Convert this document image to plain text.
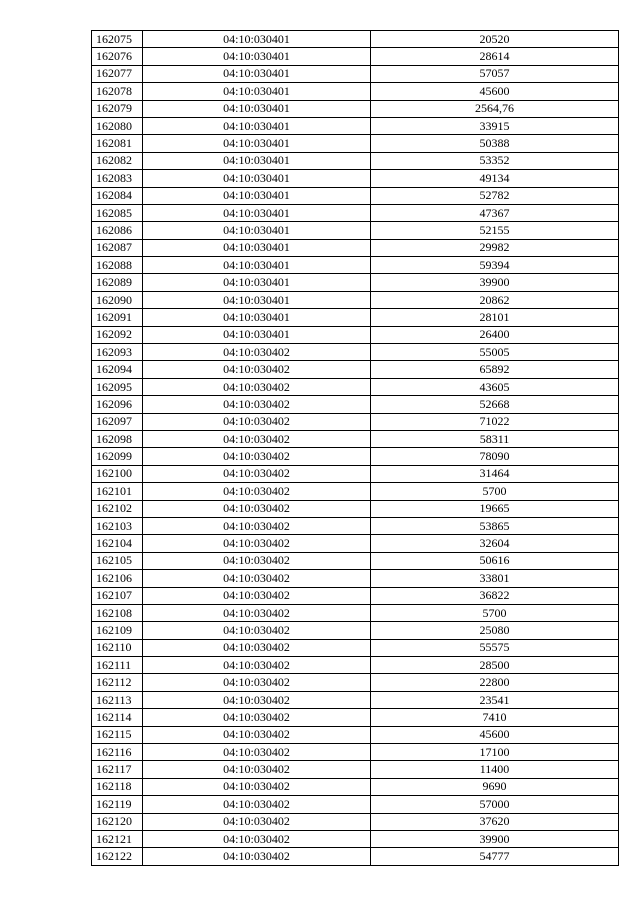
162075	04:10:030401	20520
162076	04:10:030401	28614
162077	04:10:030401	57057
162078	04:10:030401	45600
162079	04:10:030401	2564,76
162080	04:10:030401	33915
162081	04:10:030401	50388
162082	04:10:030401	53352
162083	04:10:030401	49134
162084	04:10:030401	52782
162085	04:10:030401	47367
162086	04:10:030401	52155
162087	04:10:030401	29982
162088	04:10:030401	59394
162089	04:10:030401	39900
162090	04:10:030401	20862
162091	04:10:030401	28101
162092	04:10:030401	26400
162093	04:10:030402	55005
162094	04:10:030402	65892
162095	04:10:030402	43605
162096	04:10:030402	52668
162097	04:10:030402	71022
162098	04:10:030402	58311
162099	04:10:030402	78090
162100	04:10:030402	31464
162101	04:10:030402	5700
162102	04:10:030402	19665
162103	04:10:030402	53865
162104	04:10:030402	32604
162105	04:10:030402	50616
162106	04:10:030402	33801
162107	04:10:030402	36822
162108	04:10:030402	5700
162109	04:10:030402	25080
162110	04:10:030402	55575
162111	04:10:030402	28500
162112	04:10:030402	22800
162113	04:10:030402	23541
162114	04:10:030402	7410
162115	04:10:030402	45600
162116	04:10:030402	17100
162117	04:10:030402	11400
162118	04:10:030402	9690
162119	04:10:030402	57000
162120	04:10:030402	37620
162121	04:10:030402	39900
162122	04:10:030402	54777
